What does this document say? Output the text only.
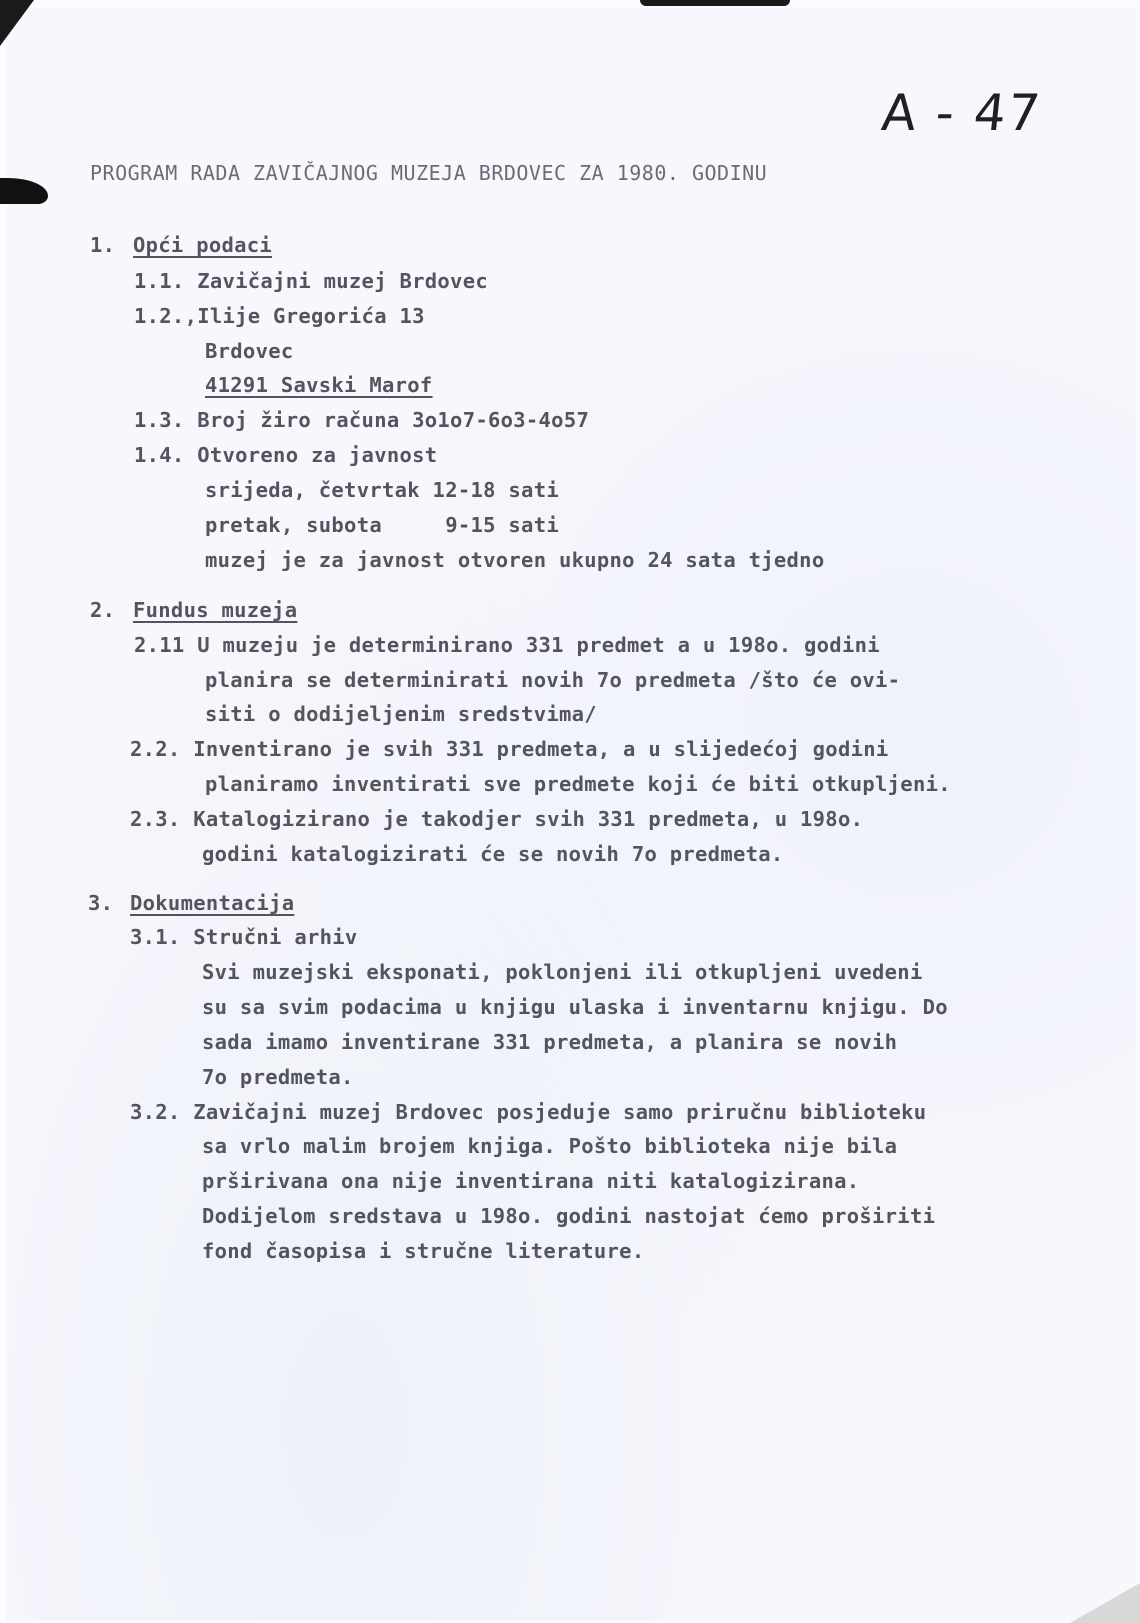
A - 47
PROGRAM RADA ZAVIČAJNOG MUZEJA BRDOVEC ZA 1980. GODINU
1. Opći podaci
1.1. Zavičajni muzej Brdovec
1.2.,Ilije Gregorića 13
Brdovec
41291 Savski Marof
1.3. Broj žiro računa 3o1o7-6o3-4o57
1.4. Otvoreno za javnost
srijeda, četvrtak 12-18 sati
pretak, subota     9-15 sati
muzej je za javnost otvoren ukupno 24 sata tjedno
2. Fundus muzeja
2.11 U muzeju je determinirano 331 predmet a u 198o. godini
planira se determinirati novih 7o predmeta /što će ovi-
siti o dodijeljenim sredstvima/
2.2. Inventirano je svih 331 predmeta, a u slijedećoj godini
planiramo inventirati sve predmete koji će biti otkupljeni.
2.3. Katalogizirano je takodjer svih 331 predmeta, u 198o.
godini katalogizirati će se novih 7o predmeta.
3. Dokumentacija
3.1. Stručni arhiv
Svi muzejski eksponati, poklonjeni ili otkupljeni uvedeni
su sa svim podacima u knjigu ulaska i inventarnu knjigu. Do
sada imamo inventirane 331 predmeta, a planira se novih
7o predmeta.
3.2. Zavičajni muzej Brdovec posjeduje samo priručnu biblioteku
sa vrlo malim brojem knjiga. Pošto biblioteka nije bila
prširivana ona nije inventirana niti katalogizirana.
Dodijelom sredstava u 198o. godini nastojat ćemo proširiti
fond časopisa i stručne literature.
